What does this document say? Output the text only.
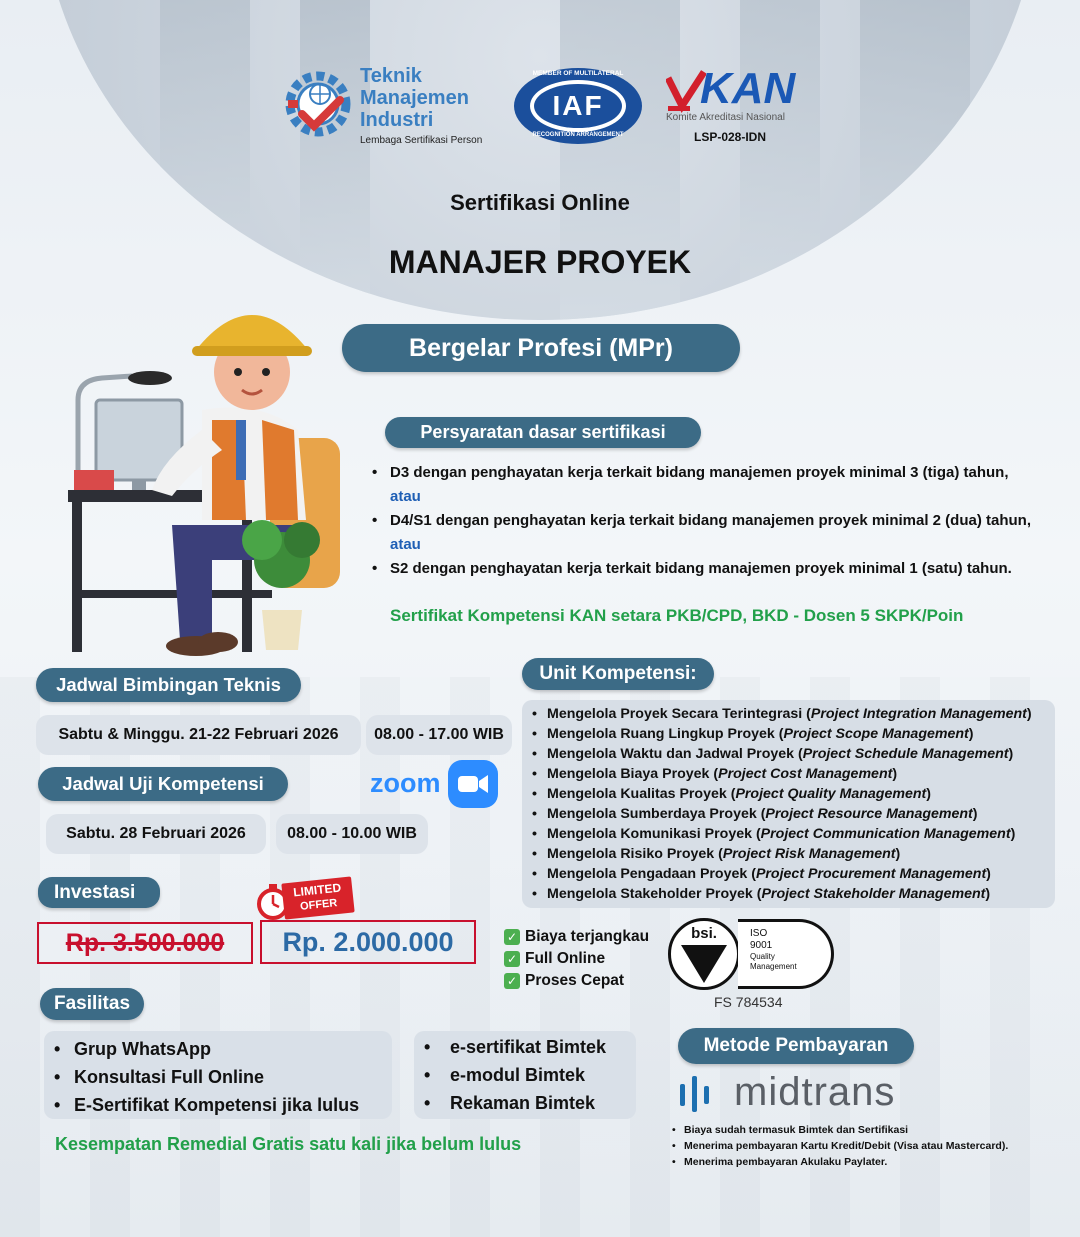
Teknik
Manajemen
Industri
Lembaga Sertifikasi Person
IAF
MEMBER OF MULTILATERAL
RECOGNITION ARRANGEMENT
KAN
Komite Akreditasi Nasional
LSP-028-IDN
Sertifikasi Online
MANAJER PROYEK
Bergelar Profesi (MPr)
Persyaratan dasar sertifikasi
• D3 dengan penghayatan kerja terkait bidang manajemen proyek minimal 3 (tiga) tahun,
atau
• D4/S1 dengan penghayatan kerja terkait bidang manajemen proyek minimal 2 (dua) tahun,
atau
• S2 dengan penghayatan kerja terkait bidang manajemen proyek minimal 1 (satu) tahun.
Sertifikat Kompetensi KAN setara PKB/CPD, BKD - Dosen 5 SKPK/Poin
Jadwal Bimbingan Teknis
Sabtu & Minggu. 21-22 Februari 2026	08.00 - 17.00 WIB
Jadwal Uji Kompetensi	zoom
Sabtu. 28 Februari 2026	08.00 - 10.00 WIB
Unit Kompetensi:
• Mengelola Proyek Secara Terintegrasi (Project Integration Management)
• Mengelola Ruang Lingkup Proyek (Project Scope Management)
• Mengelola Waktu dan Jadwal Proyek (Project Schedule Management)
• Mengelola Biaya Proyek (Project Cost Management)
• Mengelola Kualitas Proyek (Project Quality Management)
• Mengelola Sumberdaya Proyek (Project Resource Management)
• Mengelola Komunikasi Proyek (Project Communication Management)
• Mengelola Risiko Proyek (Project Risk Management)
• Mengelola Pengadaan Proyek (Project Procurement Management)
• Mengelola Stakeholder Proyek (Project Stakeholder Management)
Investasi	LIMITED
OFFER
Rp. 3.500.000	Rp. 2.000.000	✓ Biaya terjangkau
✓ Full Online
✓ Proses Cepat
bsi.	ISO
9001
Quality
Management
FS 784534
Fasilitas
• Grup WhatsApp
• Konsultasi Full Online
• E-Sertifikat Kompetensi jika lulus
• e-sertifikat Bimtek
• e-modul Bimtek
• Rekaman Bimtek
Kesempatan Remedial Gratis satu kali jika belum lulus
Metode Pembayaran
midtrans
• Biaya sudah termasuk Bimtek dan Sertifikasi
• Menerima pembayaran Kartu Kredit/Debit (Visa atau Mastercard).
• Menerima pembayaran Akulaku Paylater.
